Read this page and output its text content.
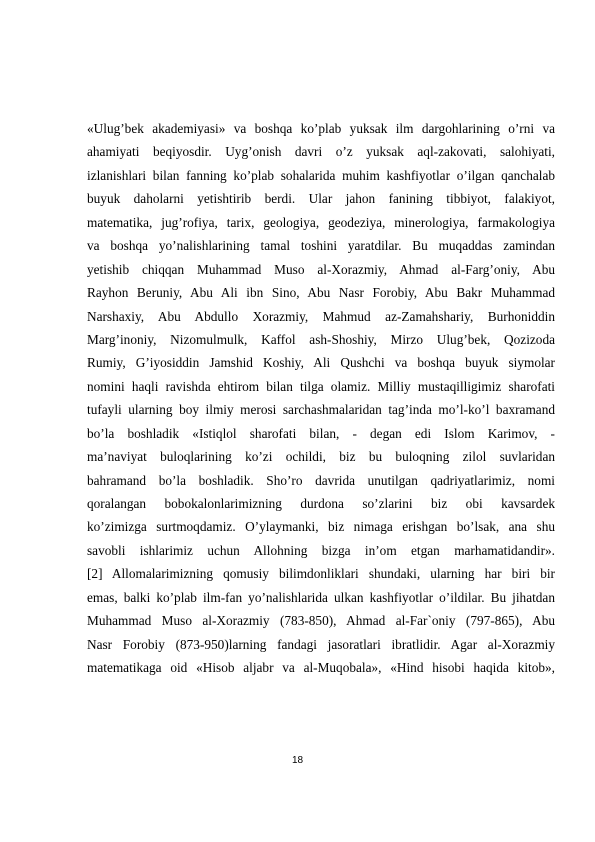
«Ulug’bek akademiyasi» va boshqa ko’plab yuksak ilm dargohlarining o’rni va
ahamiyati beqiyosdir. Uyg’onish davri o’z yuksak aql-zakovati, salohiyati,
izlanishlari bilan fanning ko’plab sohalarida muhim kashfiyotlar o’ilgan qanchalab
buyuk daholarni yetishtirib berdi. Ular jahon fanining tibbiyot, falakiyot,
matematika, jug’rofiya, tarix, geologiya, geodeziya, minerologiya, farmakologiya
va boshqa yo’nalishlarining tamal toshini yaratdilar. Bu muqaddas zamindan
yetishib chiqqan Muhammad Muso al-Xorazmiy, Ahmad al-Farg’oniy, Abu
Rayhon Beruniy, Abu Ali ibn Sino, Abu Nasr Forobiy, Abu Bakr Muhammad
Narshaxiy, Abu Abdullo Xorazmiy, Mahmud az-Zamahshariy, Burhoniddin
Marg’inoniy, Nizomulmulk, Kaffol ash-Shoshiy, Mirzo Ulug’bek, Qozizoda
Rumiy, G’iyosiddin Jamshid Koshiy, Ali Qushchi va boshqa buyuk siymolar
nomini haqli ravishda ehtirom bilan tilga olamiz. Milliy mustaqilligimiz sharofati
tufayli ularning boy ilmiy merosi sarchashmalaridan tag’inda mo’l-ko’l baxramand
bo’la boshladik «Istiqlol sharofati bilan, - degan edi Islom Karimov, -
ma’naviyat buloqlarining ko’zi ochildi, biz bu buloqning zilol suvlaridan
bahramand bo’la boshladik. Sho’ro davrida unutilgan qadriyatlarimiz, nomi
qoralangan bobokalonlarimizning durdona so’zlarini biz obi kavsardek
ko’zimizga surtmoqdamiz. O’ylaymanki, biz nimaga erishgan bo’lsak, ana shu
savobli ishlarimiz uchun Allohning bizga in’om etgan marhamatidandir».
[2] Allomalarimizning qomusiy bilimdonliklari shundaki, ularning har biri bir
emas, balki ko’plab ilm-fan yo’nalishlarida ulkan kashfiyotlar o’ildilar. Bu jihatdan
Muhammad Muso al-Xorazmiy (783-850), Ahmad al-Far`oniy (797-865), Abu
Nasr Forobiy (873-950)larning fandagi jasoratlari ibratlidir. Agar al-Xorazmiy
matematikaga oid «Hisob aljabr va al-Muqobala», «Hind hisobi haqida kitob»,
18
